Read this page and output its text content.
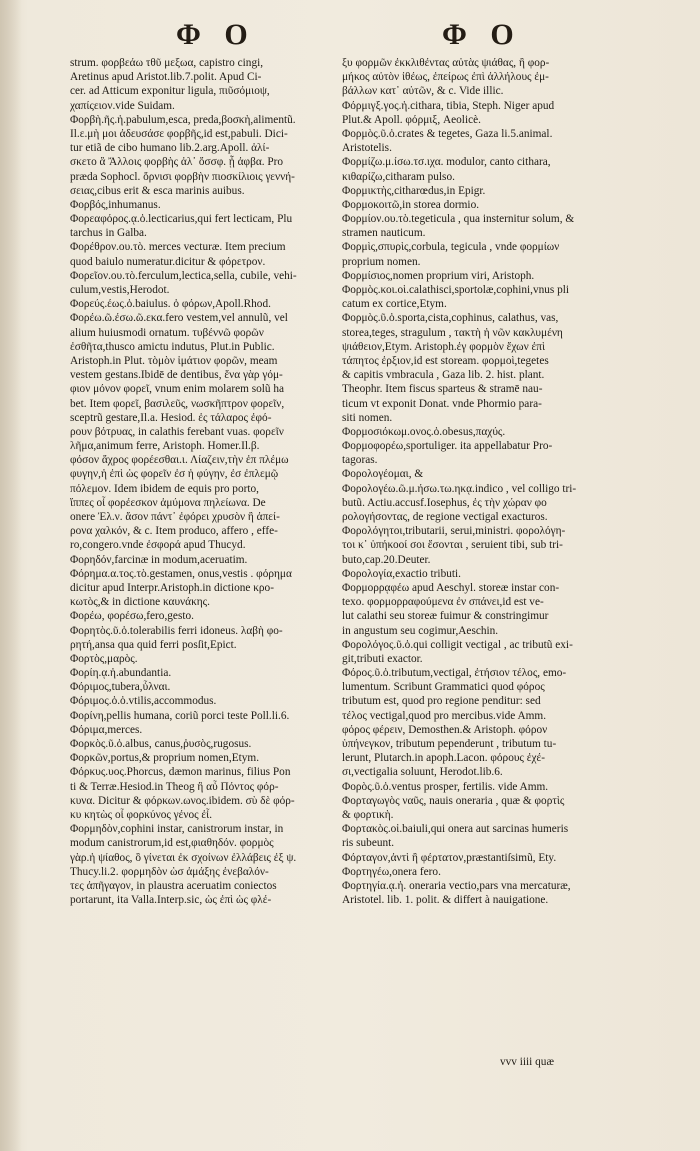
Φ Ο	Φ Ο
strum. φορβεάω τθῦ μεξωα, capistro cingi,
Aretinus apud Aristot.lib.7.polit. Apud Ci-
cer. ad Atticum exponitur ligula, πιῦσόμιοψ,
χαπίςειον.vide Suidam.
Φορβὴ.ῆς.ἡ.pabulum,esca, preda,βοσκὴ,alimentũ.
Il.ε.μὴ μοι ἀδευσάσε φορβῆς,id est,pabuli. Dici-
tur etiã de cibo humano lib.2.arg.Apoll. ἀλί-
σκετο ἃ Ἄλλοις φορβὴς ἀλ᾽ ὄσσφ. ᾖ ἀφβα. Pro
præda Sophocl. ὄρνισι φορβὴν πιοσκίλιοις γεννή-
σειας,cibus erit & esca marinis auibus.
Φορβός,inhumanus.
Φορεαφόρος.ᾳ.ὁ.lecticarius,qui fert lecticam, Plu
tarchus in Galba.
Φορέθρον.ου.τὸ. merces vecturæ. Item precium
quod baiulo numeratur.dicitur & φόρετρον.
Φορεῖον.ου.τὸ.ferculum,lectica,sella, cubile, vehi-
culum,vestis,Herodot.
Φορεύς.έως.ὁ.baiulus. ὁ φόρων,Apoll.Rhod.
Φορέω.ῶ.έσω.ῶ.εκα.fero vestem,vel annulũ, vel
alium huiusmodi ornatum. τυβέννῶ φορῶν
ἐσθῆτα,thusco amictu indutus, Plut.in Public.
Aristoph.in Plut. τὸμὸν ἱμάτιον φορῶν, meam
vestem gestans.Ibidē de dentibus, ἕνα γὰρ γόμ-
φιον μόνον φορεῖ, vnum enim molarem solũ ha
bet. Item φορεῖ, βασιλεῦς, νωσκῆπτρον φορεῖν,
sceptrũ gestare,Il.a. Hesiod. ἐς τάλαρος ἐφό-
ρουν βότρυας, in calathis ferebant vuas. φορεῖν
λῆμα,animum ferre, Aristoph. Homer.Il.β.
φόσον ἄχρος φορέεσθαι.ι. Λίαζειν,τὴν ἐπ πλέμω
φυγην,ἡ ἐπὶ ὡς φορεῖν ἐσ ἡ φύγην, ἐσ ἐπλεμῷ
πόλεμον. Idem ibidem de equis pro porto,
ἵππες οἷ φορέεσκον ἀμύμονα πηλείωνα. De
onere Ἐλ.ν. ἄσον πάντ᾽ ἐφόρει χρυσὸν ἢ ἀπεί-
ρονα χαλκόν, & c. Item produco, affero , effe-
ro,congero.vnde ἐσφορά apud Thucyd.
Φορηδόν,farcinæ in modum,aceruatim.
Φόρημα.α.τος.τὸ.gestamen, onus,vestis . φόρημα
dicitur apud Interpr.Aristoph.in dictione κρο-
κωτὸς,& in dictione καυνάκης.
Φορέω, φορέσω,fero,gesto.
Φορητὸς.ῦ.ὁ.tolerabilis ferri idoneus. λαβὴ φο-
ρητή,ansa qua quid ferri posſit,Epict.
Φορτὸς,μαρὸς.
Φορίη.ᾳ.ἡ.abundantia.
Φόριμος,tubera,ὗλναι.
Φόριμος.ὁ.ὁ.vtilis,accommodus.
Φορίνη,pellis humana, coriũ porci teste Poll.li.6.
Φόριμα,merces.
Φορκὸς.ῦ.ὁ.albus, canus,ῥυσὸς,rugosus.
Φορκῶν,portus,& proprium nomen,Etym.
Φόρκυς.υος.Phorcus, dæmon marinus, filius Pon
ti & Terræ.Hesiod.in Theog ἢ αὖ Πόντος φόρ-
κυνα. Dicitur & φόρκων.ωνος.ibidem. σὺ δὲ φόρ-
κυ κητὼς οἷ φορκύνος γένος ἐἶ.
Φορμηδὸν,cophini instar, canistrorum instar, in
modum canistrorum,id est,φιαθηδόν. φορμὸς
γὰρ.ἡ ψίαθος, ὃ γίνεται ἐκ σχοίνων ἐλλάβεις ἐξ ψ.
Thucy.li.2. φορμηδὸν ὡσ ἀμάξης ἐνεβαλόν-
τες ἀπῆγαγον, in plaustra aceruatim coniectos
portarunt, ita Valla.Interp.sic, ὡς ἐπὶ ὡς φλέ-
ξυ φορμῶν ἐκκλιθέντας αὐτὰς ψιάθας, ἢ φορ-
μήκος αὐτὸν ἰθέως, ἐπείρως ἐπὶ ἀλλήλους ἐμ-
βάλλων κατ᾽ αὐτῶν, & c. Vide illic.
Φόρμιγξ.γος.ἡ.cithara, tibia, Steph. Niger apud
Plut.& Apoll. φόρμιξ, Aeolicè.
Φορμὸς.ῦ.ὁ.crates & tegetes, Gaza li.5.animal.
Aristotelis.
Φορμίζω.μ.ίσω.τσ.ιχα. modulor, canto cithara,
κιθαρίζω,citharam pulso.
Φορμικτὴς,citharœdus,in Epigr.
Φορμοκοιτῶ,in storea dormio.
Φορμίον.ου.τὸ.tegeticula , qua insternitur solum, &
stramen nauticum.
Φορμὶς,σπυρὶς,corbula, tegicula , vnde φορμίων
proprium nomen.
Φορμίσιος,nomen proprium viri, Aristoph.
Φορμὸς.κοι.οὶ.calathisci,sportolæ,cophini,vnus pli
catum ex cortice,Etym.
Φορμὸς.ῦ.ὁ.sporta,cista,cophinus, calathus, vas,
storea,teges, stragulum , τακτὴ ἡ νῶν κακλυμένη
ψιάθειον,Etym. Aristoph.ἐγ φορμὸν ἔχων ἐπὶ
τάπητος ἐρξιον,id est stoream. φορμοὶ,tegetes
& capitis vmbracula , Gaza lib. 2. hist. plant.
Theophr. Item fiscus sparteus & stramē nau-
ticum vt exponit Donat. vnde Phormio para-
siti nomen.
Φορμοσιόκωμ.ονος.ὁ.obesus,παχύς.
Φορμοφορέω,sportuliger. ita appellabatur Pro-
tagoras.
Φορολογέομαι, &
Φορολογέω.ῶ.μ.ήσω.τω.ηκᾳ.indico , vel colligo tri-
butũ. Actiu.accusf.Iosephus, ἐς τὴν χώραν φο
ρολογήσοντας, de regione vectigal exacturos.
Φορολόγητοι,tributarii, serui,ministri. φορολόγη-
τοι κ᾽ ὑπήκοοί σοι ἔσονται , seruient tibi, sub tri-
buto,cap.20.Deuter.
Φορολογία,exactio tributi.
Φορμορρᾳφέω apud Aeschyl. storeæ instar con-
texo. φορμορραφούμενα ἐν σπάνει,id est ve-
lut calathi seu storeæ fuimur & constringimur
in angustum seu cogimur,Aeschin.
Φορολόγος.ῦ.ὁ.qui colligit vectigal , ac tributũ exi-
git,tributi exactor.
Φόρος.ῦ.ὁ.tributum,vectigal, ἐτήσιον τέλος, emo-
lumentum. Scribunt Grammatici quod φόρος
tributum est, quod pro regione penditur: sed
τέλος vectigal,quod pro mercibus.vide Amm.
φόρος φέρειν, Demosthen.& Aristoph. φόρον
ὑπήνεγκον, tributum pependerunt , tributum tu-
lerunt, Plutarch.in apoph.Lacon. φόρους ἐχέ-
σι,vectigalia soluunt, Herodot.lib.6.
Φορὸς.ῦ.ὁ.ventus prosper, fertilis. vide Amm.
Φορταγωγὸς ναῦς, nauis oneraria , quæ & φορτὶς
& φορτικὴ.
Φορτακὸς.οἱ.baiuli,qui onera aut sarcinas humeris
ris subeunt.
Φόρταγον,ἀντὶ ἢ φέρτατον,præstantiſsimũ, Ety.
Φορτηγέω,onera fero.
Φορτηγία.ᾳ.ἡ. oneraria vectio,pars vna mercaturæ,
Aristotel. lib. 1. polit. & differt à nauigatione.
vvv iiii quæ
